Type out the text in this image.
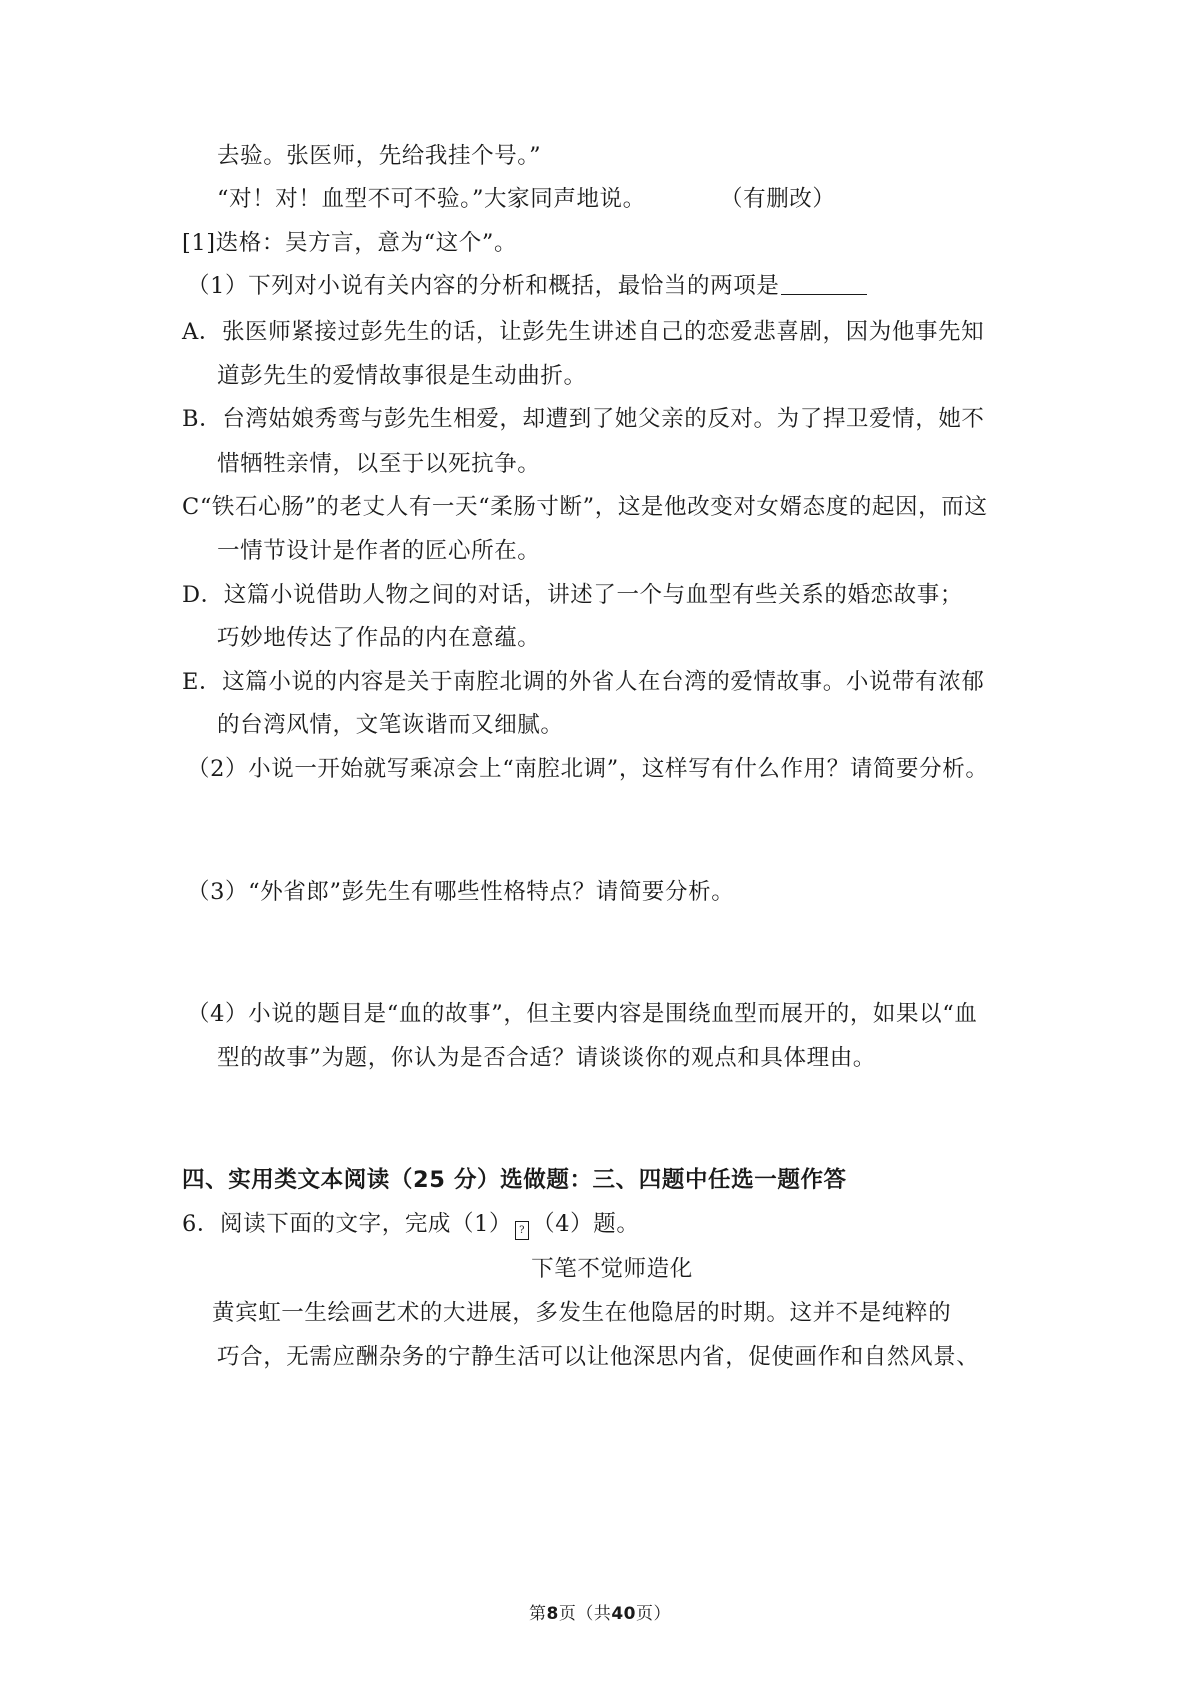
去验。张医师，先给我挂个号。”
“对！对！血型不可不验。”大家同声地说。	（有删改）
[1]迭格：吴方言，意为“这个”。
（1）下列对小说有关内容的分析和概括，最恰当的两项是
A．张医师紧接过彭先生的话，让彭先生讲述自己的恋爱悲喜剧，因为他事先知
道彭先生的爱情故事很是生动曲折。
B．台湾姑娘秀鸾与彭先生相爱，却遭到了她父亲的反对。为了捍卫爱情，她不
惜牺牲亲情，以至于以死抗争。
C“铁石心肠”的老丈人有一天“柔肠寸断”，这是他改变对女婿态度的起因，而这
一情节设计是作者的匠心所在。
D．这篇小说借助人物之间的对话，讲述了一个与血型有些关系的婚恋故事；
巧妙地传达了作品的内在意蕴。
E．这篇小说的内容是关于南腔北调的外省人在台湾的爱情故事。小说带有浓郁
的台湾风情，文笔诙谐而又细腻。
（2）小说一开始就写乘凉会上“南腔北调”，这样写有什么作用？请简要分析。
（3）“外省郎”彭先生有哪些性格特点？请简要分析。
（4）小说的题目是“血的故事”，但主要内容是围绕血型而展开的，如果以“血
型的故事”为题，你认为是否合适？请谈谈你的观点和具体理由。
四、实用类文本阅读（25 分）选做题：三、四题中任选一题作答
6．阅读下面的文字，完成（1） ? （4）题。
下笔不觉师造化
黄宾虹一生绘画艺术的大进展，多发生在他隐居的时期。这并不是纯粹的
巧合，无需应酬杂务的宁静生活可以让他深思内省，促使画作和自然风景、
第8页（共40页）
